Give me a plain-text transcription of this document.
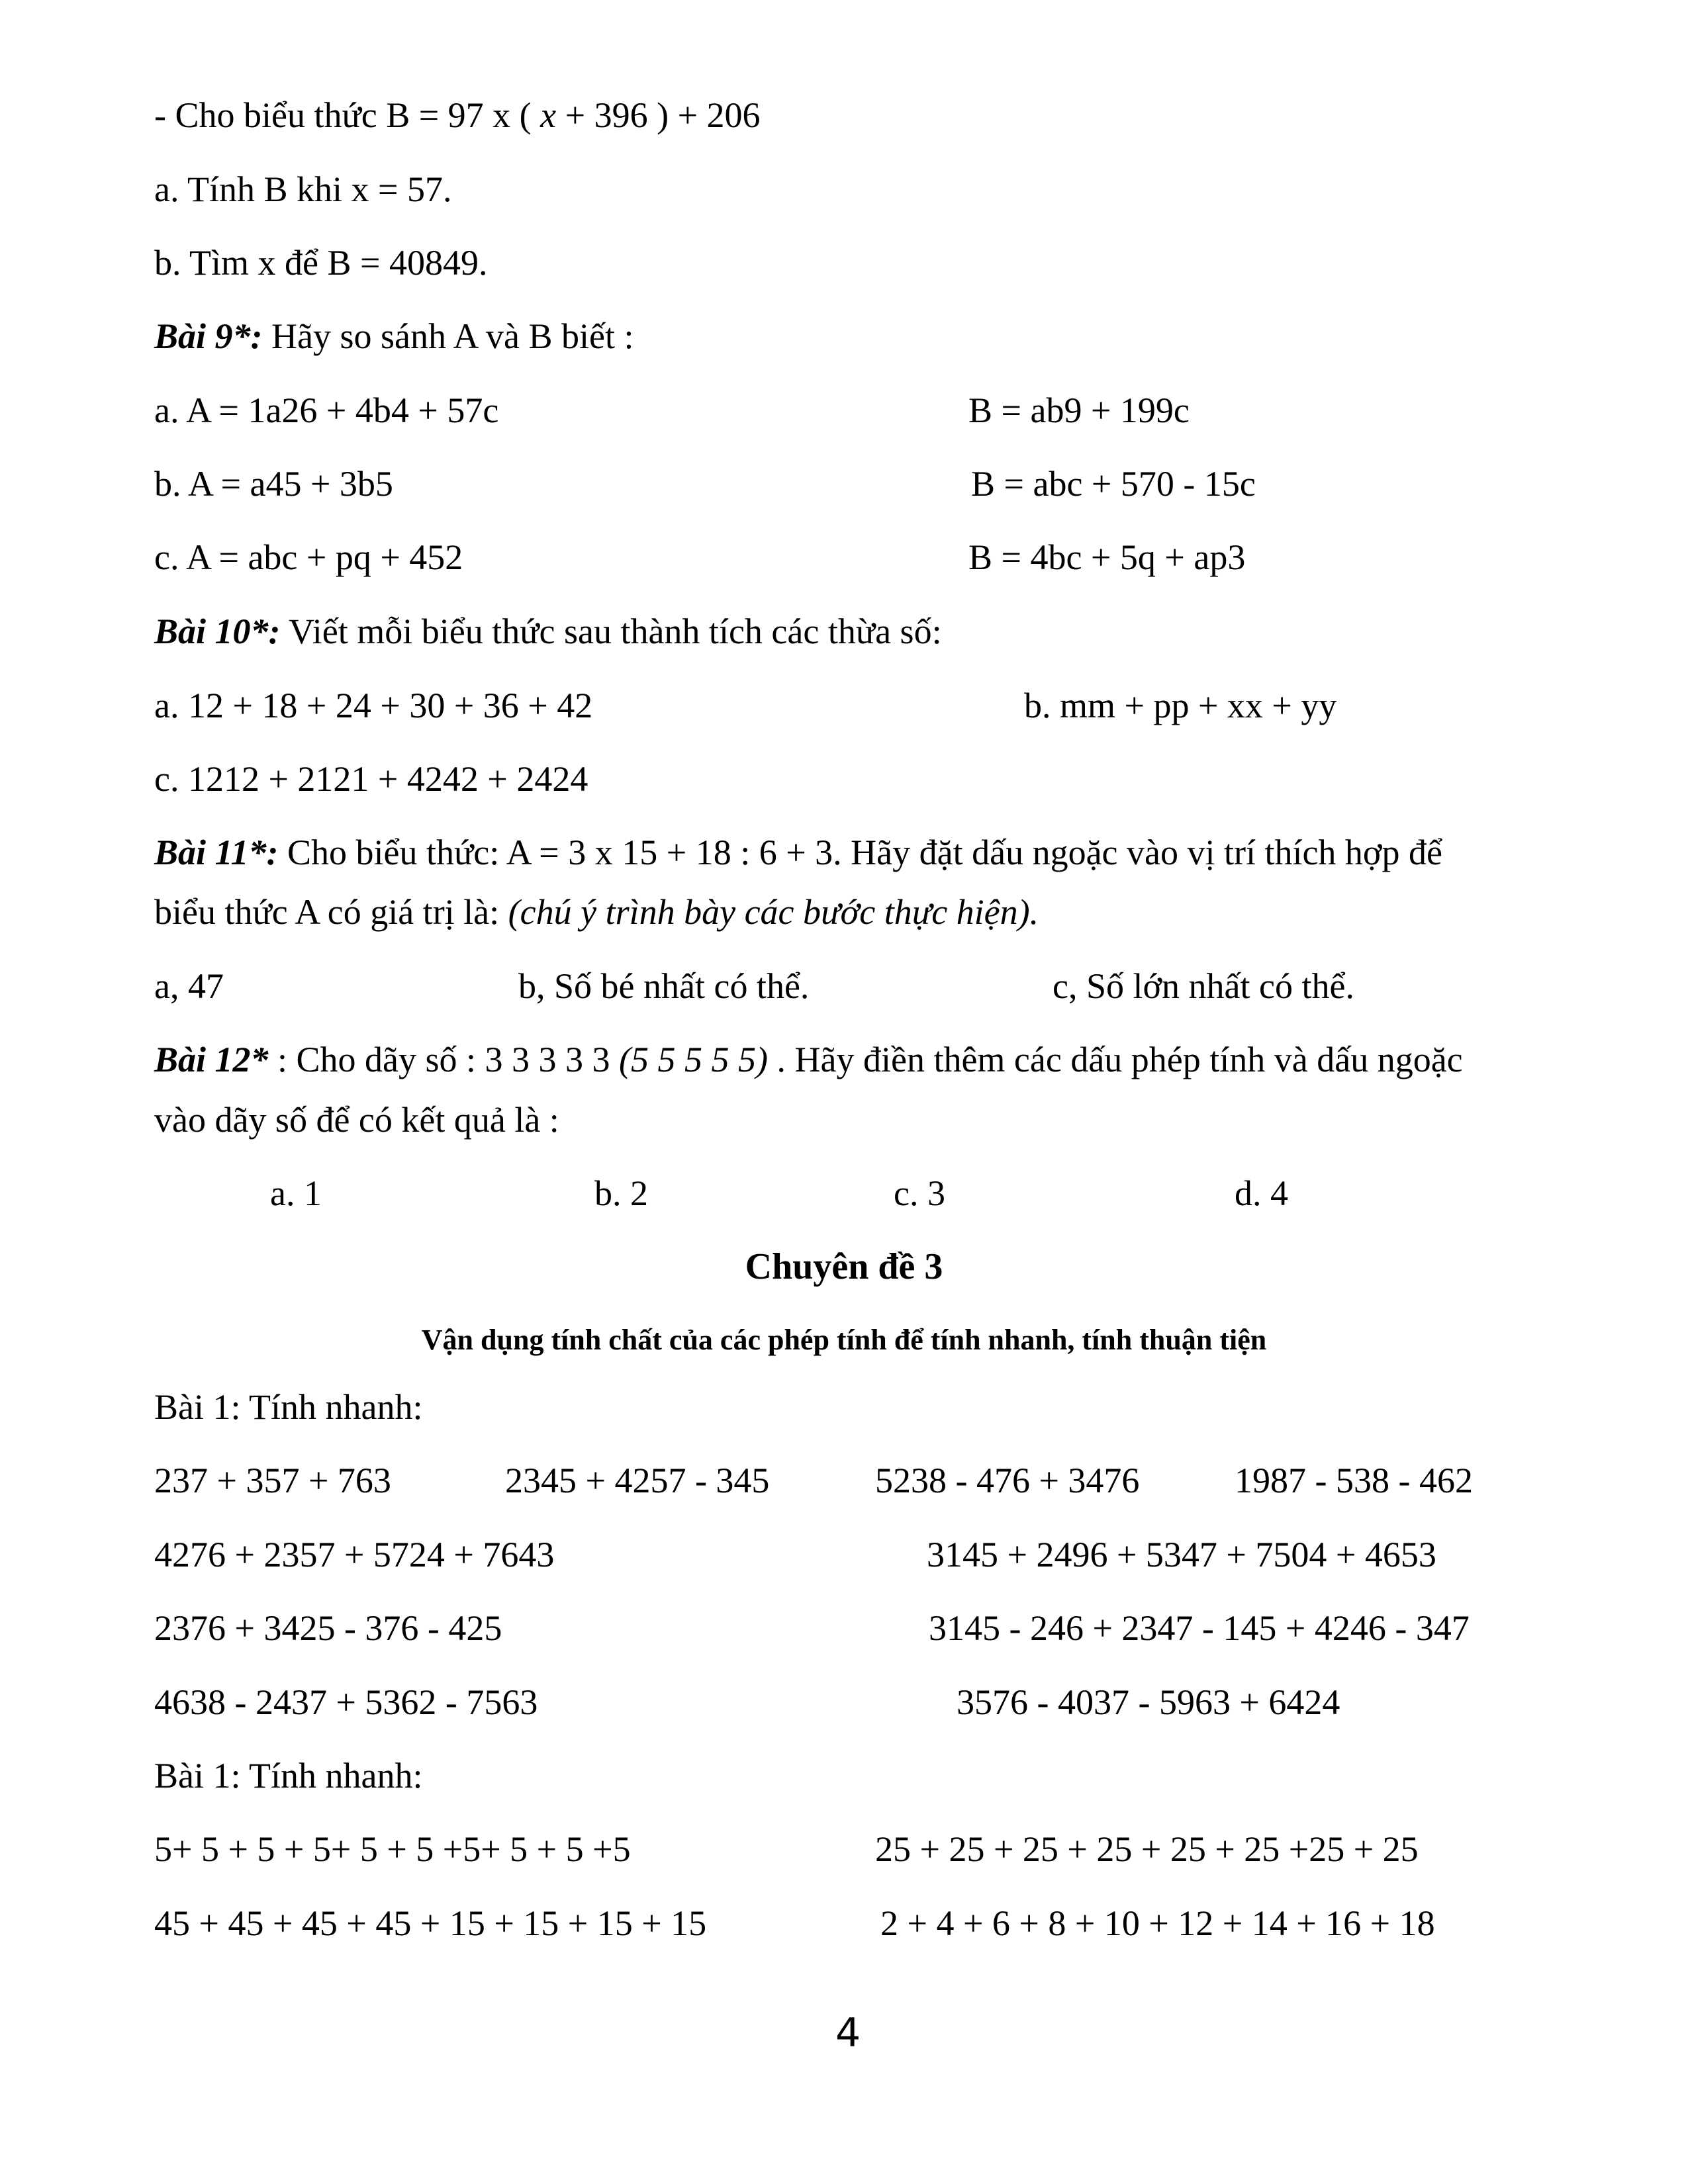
- Cho biểu thức B = 97 x ( x + 396 ) + 206
a. Tính B khi x = 57.
b. Tìm x để B = 40849.
Bài 9*: Hãy so sánh A và B biết :
a. A = 1a26 + 4b4 + 57c	B = ab9 + 199c
b. A = a45 + 3b5	B = abc + 570 - 15c
c. A = abc + pq + 452	B = 4bc + 5q + ap3
Bài 10*: Viết mỗi biểu thức sau thành tích các thừa số:
a. 12 + 18 + 24 + 30 + 36 + 42	b. mm + pp + xx + yy
c. 1212 + 2121 + 4242 + 2424
Bài 11*: Cho biểu thức: A = 3 x 15 + 18 : 6 + 3. Hãy đặt dấu ngoặc vào vị trí thích hợp để
biểu thức A có giá trị là: (chú ý trình bày các bước thực hiện).
a, 47	b, Số bé nhất có thể.	c, Số lớn nhất có thể.
Bài 12* : Cho dãy số : 3 3 3 3 3 (5 5 5 5 5) . Hãy điền thêm các dấu phép tính và dấu ngoặc
vào dãy số để có kết quả là :
a. 1	b. 2	c. 3	d. 4
Chuyên đề 3
Vận dụng tính chất của các phép tính để tính nhanh, tính thuận tiện
Bài 1: Tính nhanh:
237 + 357 + 763	2345 + 4257 - 345	5238 - 476 + 3476	1987 - 538 - 462
4276 + 2357 + 5724 + 7643	3145 + 2496 + 5347 + 7504 + 4653
2376 + 3425 - 376 - 425	3145 - 246 + 2347 - 145 + 4246 - 347
4638 - 2437 + 5362 - 7563	3576 - 4037 - 5963 + 6424
Bài 1: Tính nhanh:
5+ 5 + 5 + 5+ 5 + 5 +5+ 5 + 5 +5	25 + 25 + 25 + 25 + 25 + 25 +25 + 25
45 + 45 + 45 + 45 + 15 + 15 + 15 + 15	2 + 4 + 6 + 8 + 10 + 12 + 14 + 16 + 18
4
